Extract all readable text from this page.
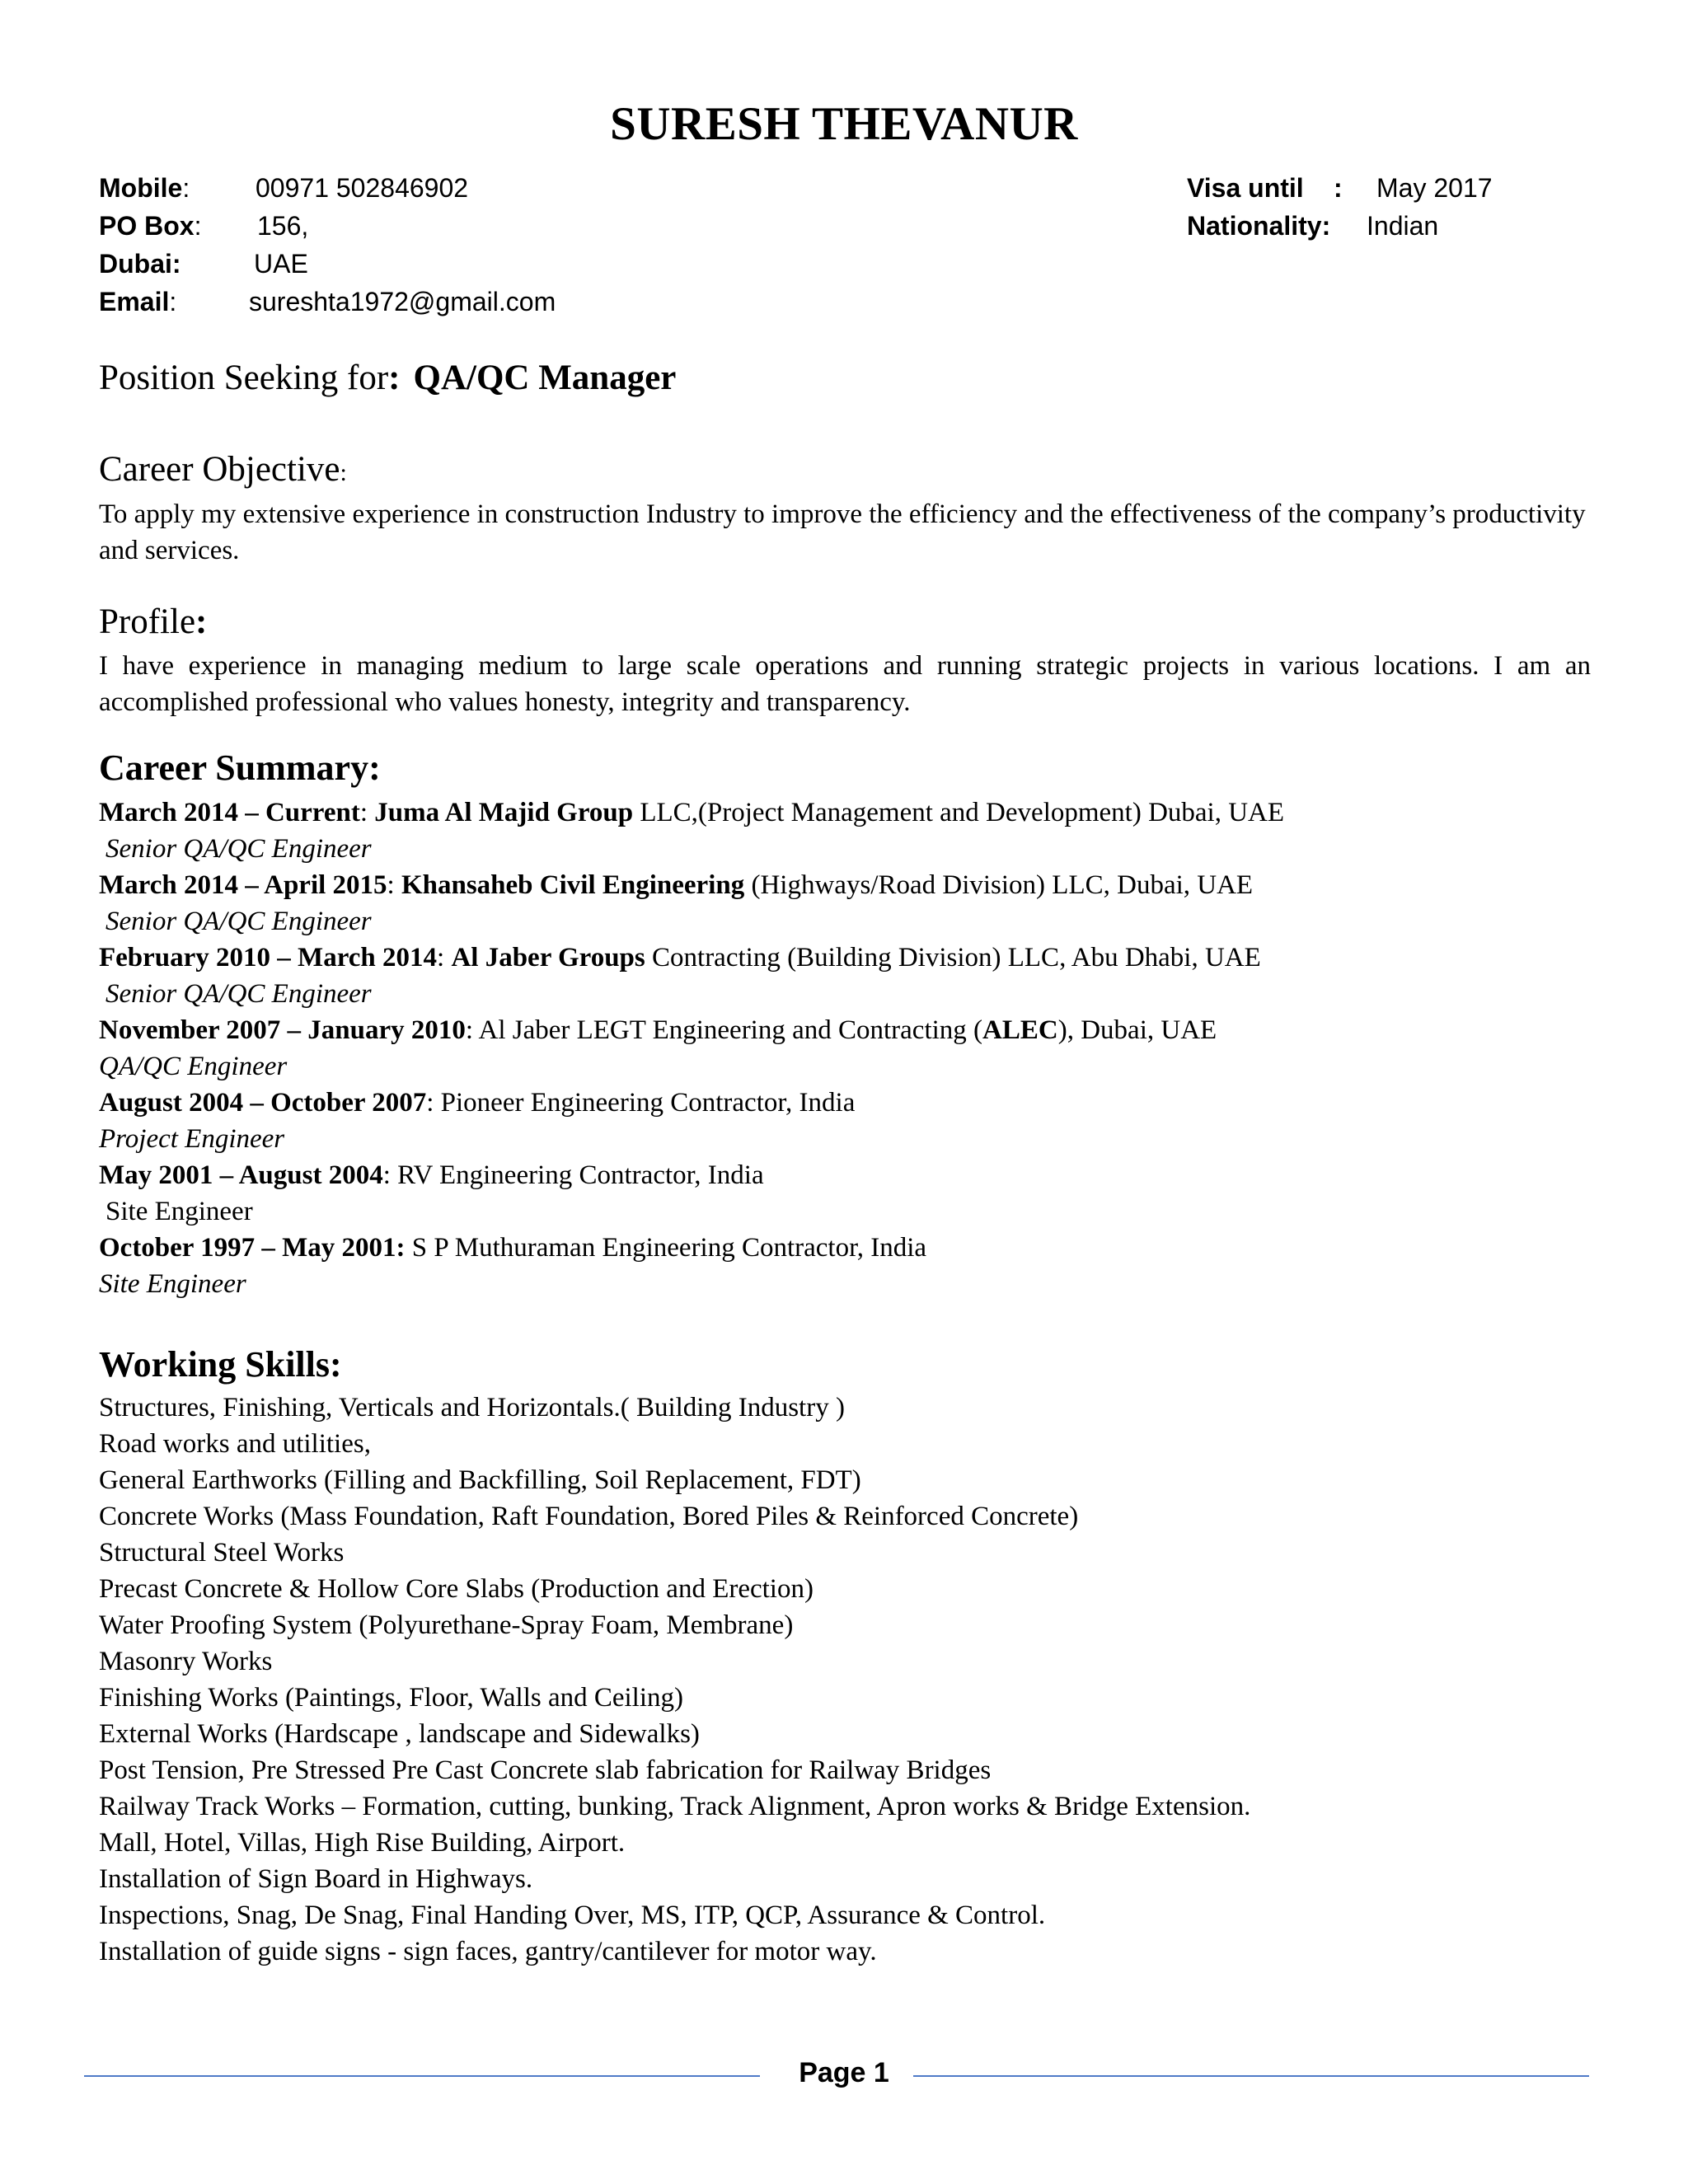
SURESH THEVANUR
Mobile: 00971 502846902
PO Box: 156,
Dubai:	UAE
Email:	sureshta1972@gmail.com
Visa until : May 2017
Nationality: Indian
Position Seeking for: QA/QC Manager
Career Objective:
To apply my extensive experience in construction Industry to improve the efficiency and the effectiveness of the company’s productivity and services.
Profile:
I have experience in managing medium to large scale operations and running strategic projects in various locations. I am an accomplished professional who values honesty, integrity and transparency.
Career Summary:
March 2014 – Current: Juma Al Majid Group LLC,(Project Management and Development) Dubai, UAE
Senior QA/QC Engineer
March 2014 – April 2015: Khansaheb Civil Engineering (Highways/Road Division) LLC, Dubai, UAE
Senior QA/QC Engineer
February 2010 – March 2014: Al Jaber Groups Contracting (Building Division) LLC, Abu Dhabi, UAE
Senior QA/QC Engineer
November 2007 – January 2010: Al Jaber LEGT Engineering and Contracting (ALEC), Dubai, UAE
QA/QC Engineer
August 2004 – October 2007: Pioneer Engineering Contractor, India
Project Engineer
May 2001 – August 2004: RV Engineering Contractor, India
Site Engineer
October 1997 – May 2001: S P Muthuraman Engineering Contractor, India
Site Engineer
Working Skills:
Structures, Finishing, Verticals and Horizontals.( Building Industry )
Road works and utilities,
General Earthworks (Filling and Backfilling, Soil Replacement, FDT)
Concrete Works (Mass Foundation, Raft Foundation, Bored Piles & Reinforced Concrete)
Structural Steel Works
Precast Concrete & Hollow Core Slabs (Production and Erection)
Water Proofing System (Polyurethane-Spray Foam, Membrane)
Masonry Works
Finishing Works (Paintings, Floor, Walls and Ceiling)
External Works (Hardscape , landscape and Sidewalks)
Post Tension, Pre Stressed Pre Cast Concrete slab fabrication for Railway Bridges
Railway Track Works – Formation, cutting, bunking, Track Alignment, Apron works & Bridge Extension.
Mall, Hotel, Villas, High Rise Building, Airport.
Installation of Sign Board in Highways.
Inspections, Snag, De Snag, Final Handing Over, MS, ITP, QCP, Assurance & Control.
Installation of guide signs - sign faces, gantry/cantilever for motor way.
Page 1
